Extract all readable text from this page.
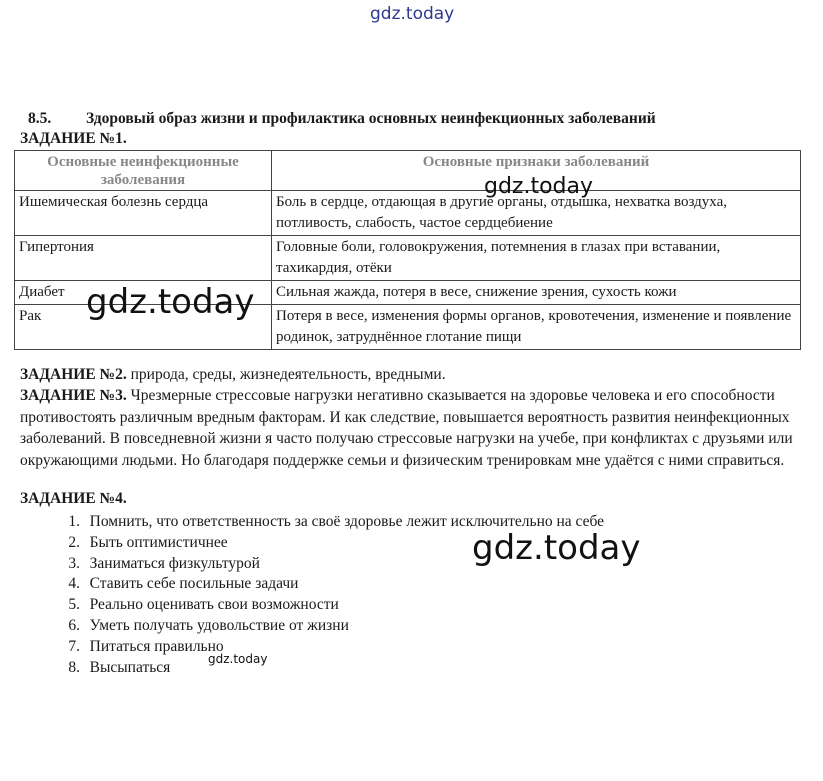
gdz.today
8.5. Здоровый образ жизни и профилактика основных неинфекционных заболеваний
ЗАДАНИЕ №1.
Основные неинфекционные заболевания	Основные признаки заболеваний
Ишемическая болезнь сердца	Боль в сердце, отдающая в другие органы, отдышка, нехватка воздуха, потливость, слабость, частое сердцебиение
Гипертония	Головные боли, головокружения, потемнения в глазах при вставании, тахикардия, отёки
Диабет	Сильная жажда, потеря в весе, снижение зрения, сухость кожи
Рак	Потеря в весе, изменения формы органов, кровотечения, изменение и появление родинок, затруднённое глотание пищи
gdz.today
gdz.today
ЗАДАНИЕ №2. природа, среды, жизнедеятельность, вредными.
ЗАДАНИЕ №3. Чрезмерные стрессовые нагрузки негативно сказывается на здоровье человека и его способности противостоять различным вредным факторам. И как следствие, повышается вероятность развития неинфекционных заболеваний. В повседневной жизни я часто получаю стрессовые нагрузки на учебе, при конфликтах с друзьями или окружающими людьми. Но благодаря поддержке семьи и физическим тренировкам мне удаётся с ними справиться.
ЗАДАНИЕ №4.
1. Помнить, что ответственность за своё здоровье лежит исключительно на себе
2. Быть оптимистичнее
3. Заниматься физкультурой
4. Ставить себе посильные задачи
5. Реально оценивать свои возможности
6. Уметь получать удовольствие от жизни
7. Питаться правильно
8. Высыпаться
gdz.today
gdz.today
